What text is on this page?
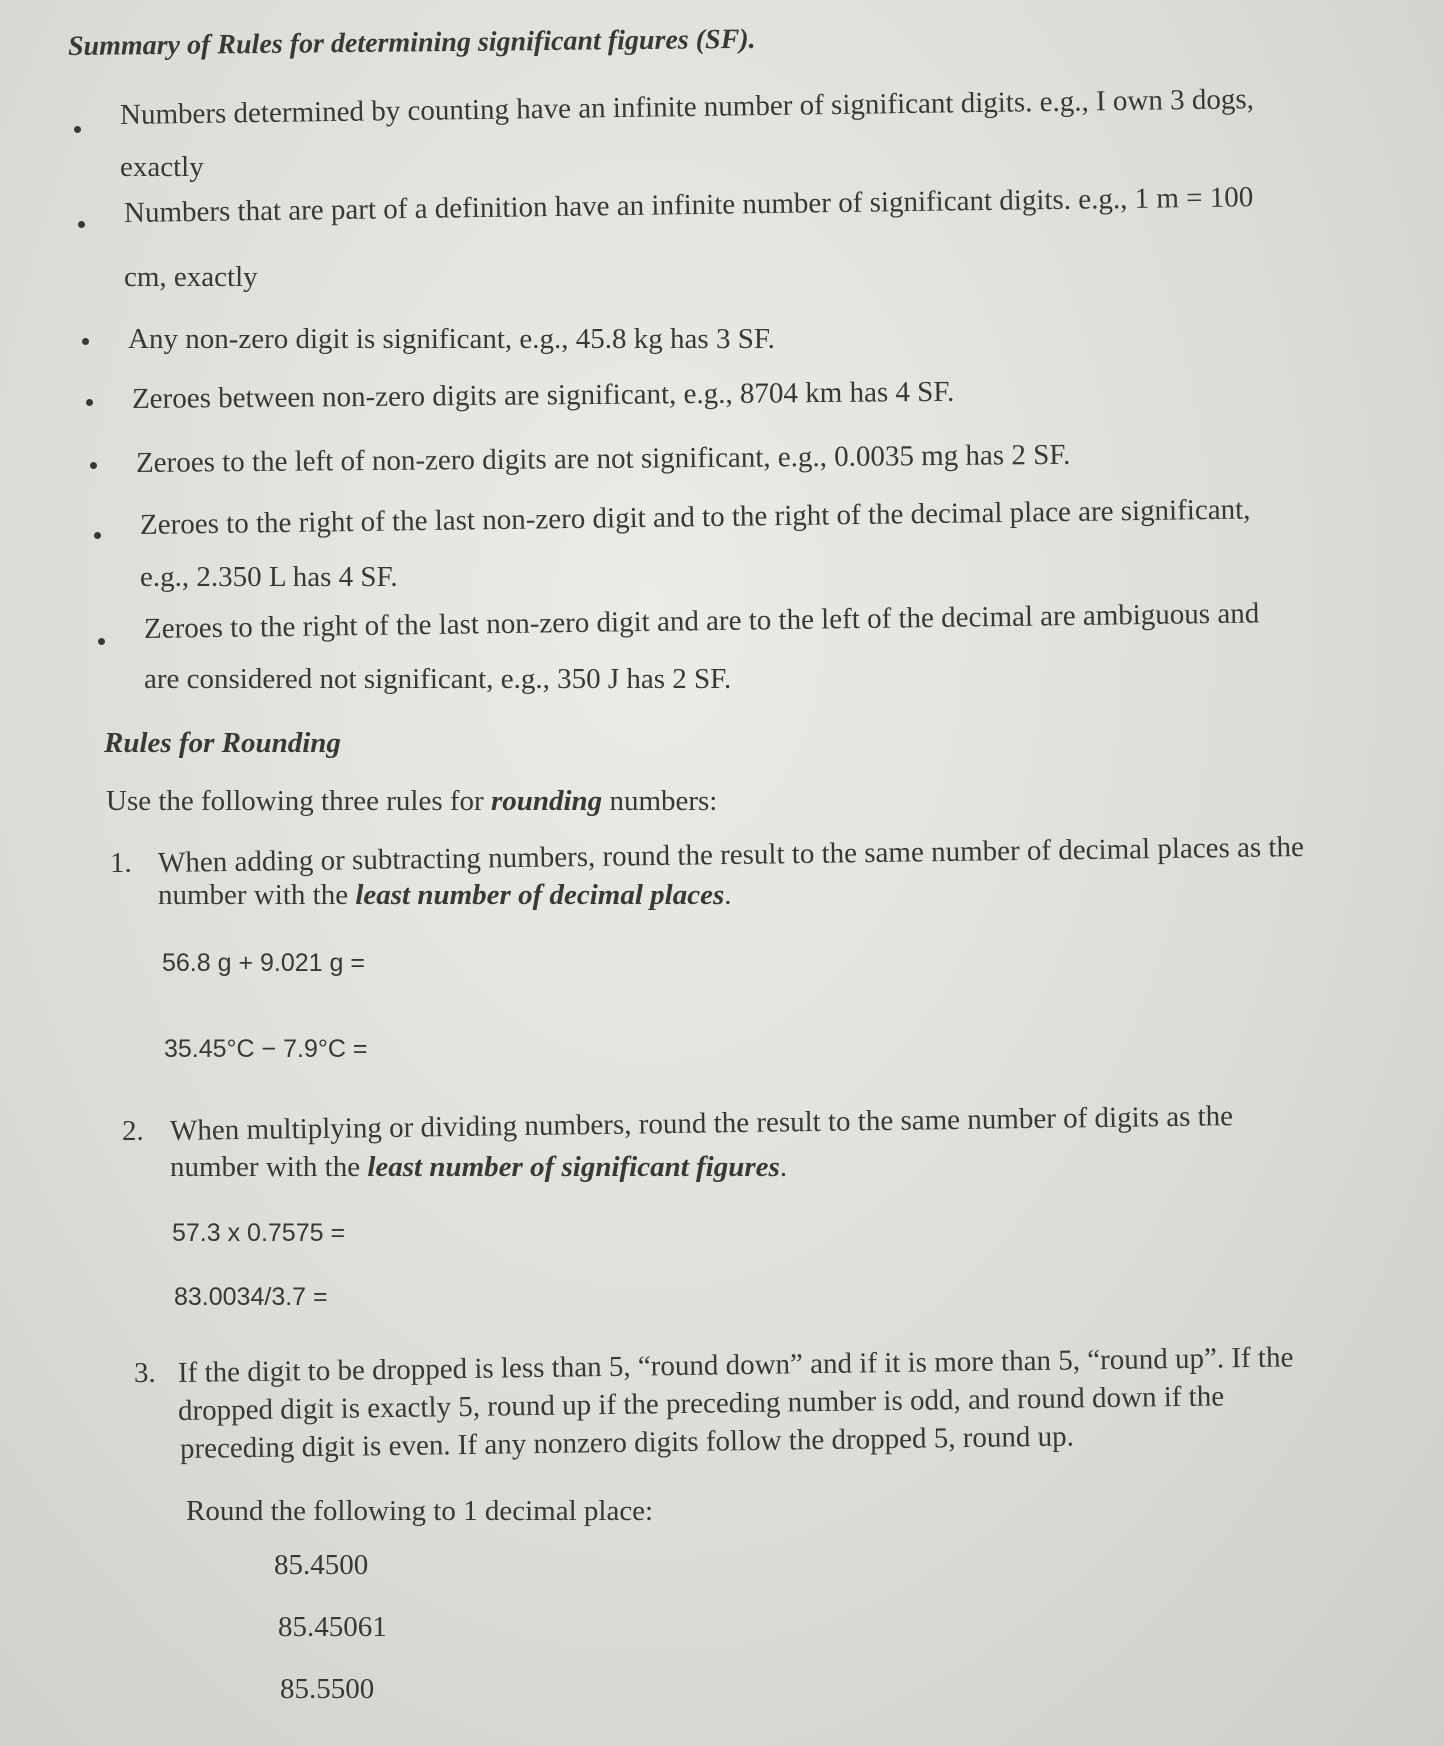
Summary of Rules for determining significant figures (SF).
Numbers determined by counting have an infinite number of significant digits. e.g., I own 3 dogs,
exactly
Numbers that are part of a definition have an infinite number of significant digits. e.g., 1 m = 100
cm, exactly
Any non-zero digit is significant, e.g., 45.8 kg has 3 SF.
Zeroes between non-zero digits are significant, e.g., 8704 km has 4 SF.
Zeroes to the left of non-zero digits are not significant, e.g., 0.0035 mg has 2 SF.
Zeroes to the right of the last non-zero digit and to the right of the decimal place are significant,
e.g., 2.350 L has 4 SF.
Zeroes to the right of the last non-zero digit and are to the left of the decimal are ambiguous and
are considered not significant, e.g., 350 J has 2 SF.
Rules for Rounding
Use the following three rules for rounding numbers:
1. When adding or subtracting numbers, round the result to the same number of decimal places as the
number with the least number of decimal places.
56.8 g + 9.021 g =
35.45°C − 7.9°C =
2. When multiplying or dividing numbers, round the result to the same number of digits as the
number with the least number of significant figures.
57.3 x 0.7575 =
83.0034/3.7 =
3. If the digit to be dropped is less than 5, “round down” and if it is more than 5, “round up”. If the
dropped digit is exactly 5, round up if the preceding number is odd, and round down if the
preceding digit is even. If any nonzero digits follow the dropped 5, round up.
Round the following to 1 decimal place:
85.4500
85.45061
85.5500
